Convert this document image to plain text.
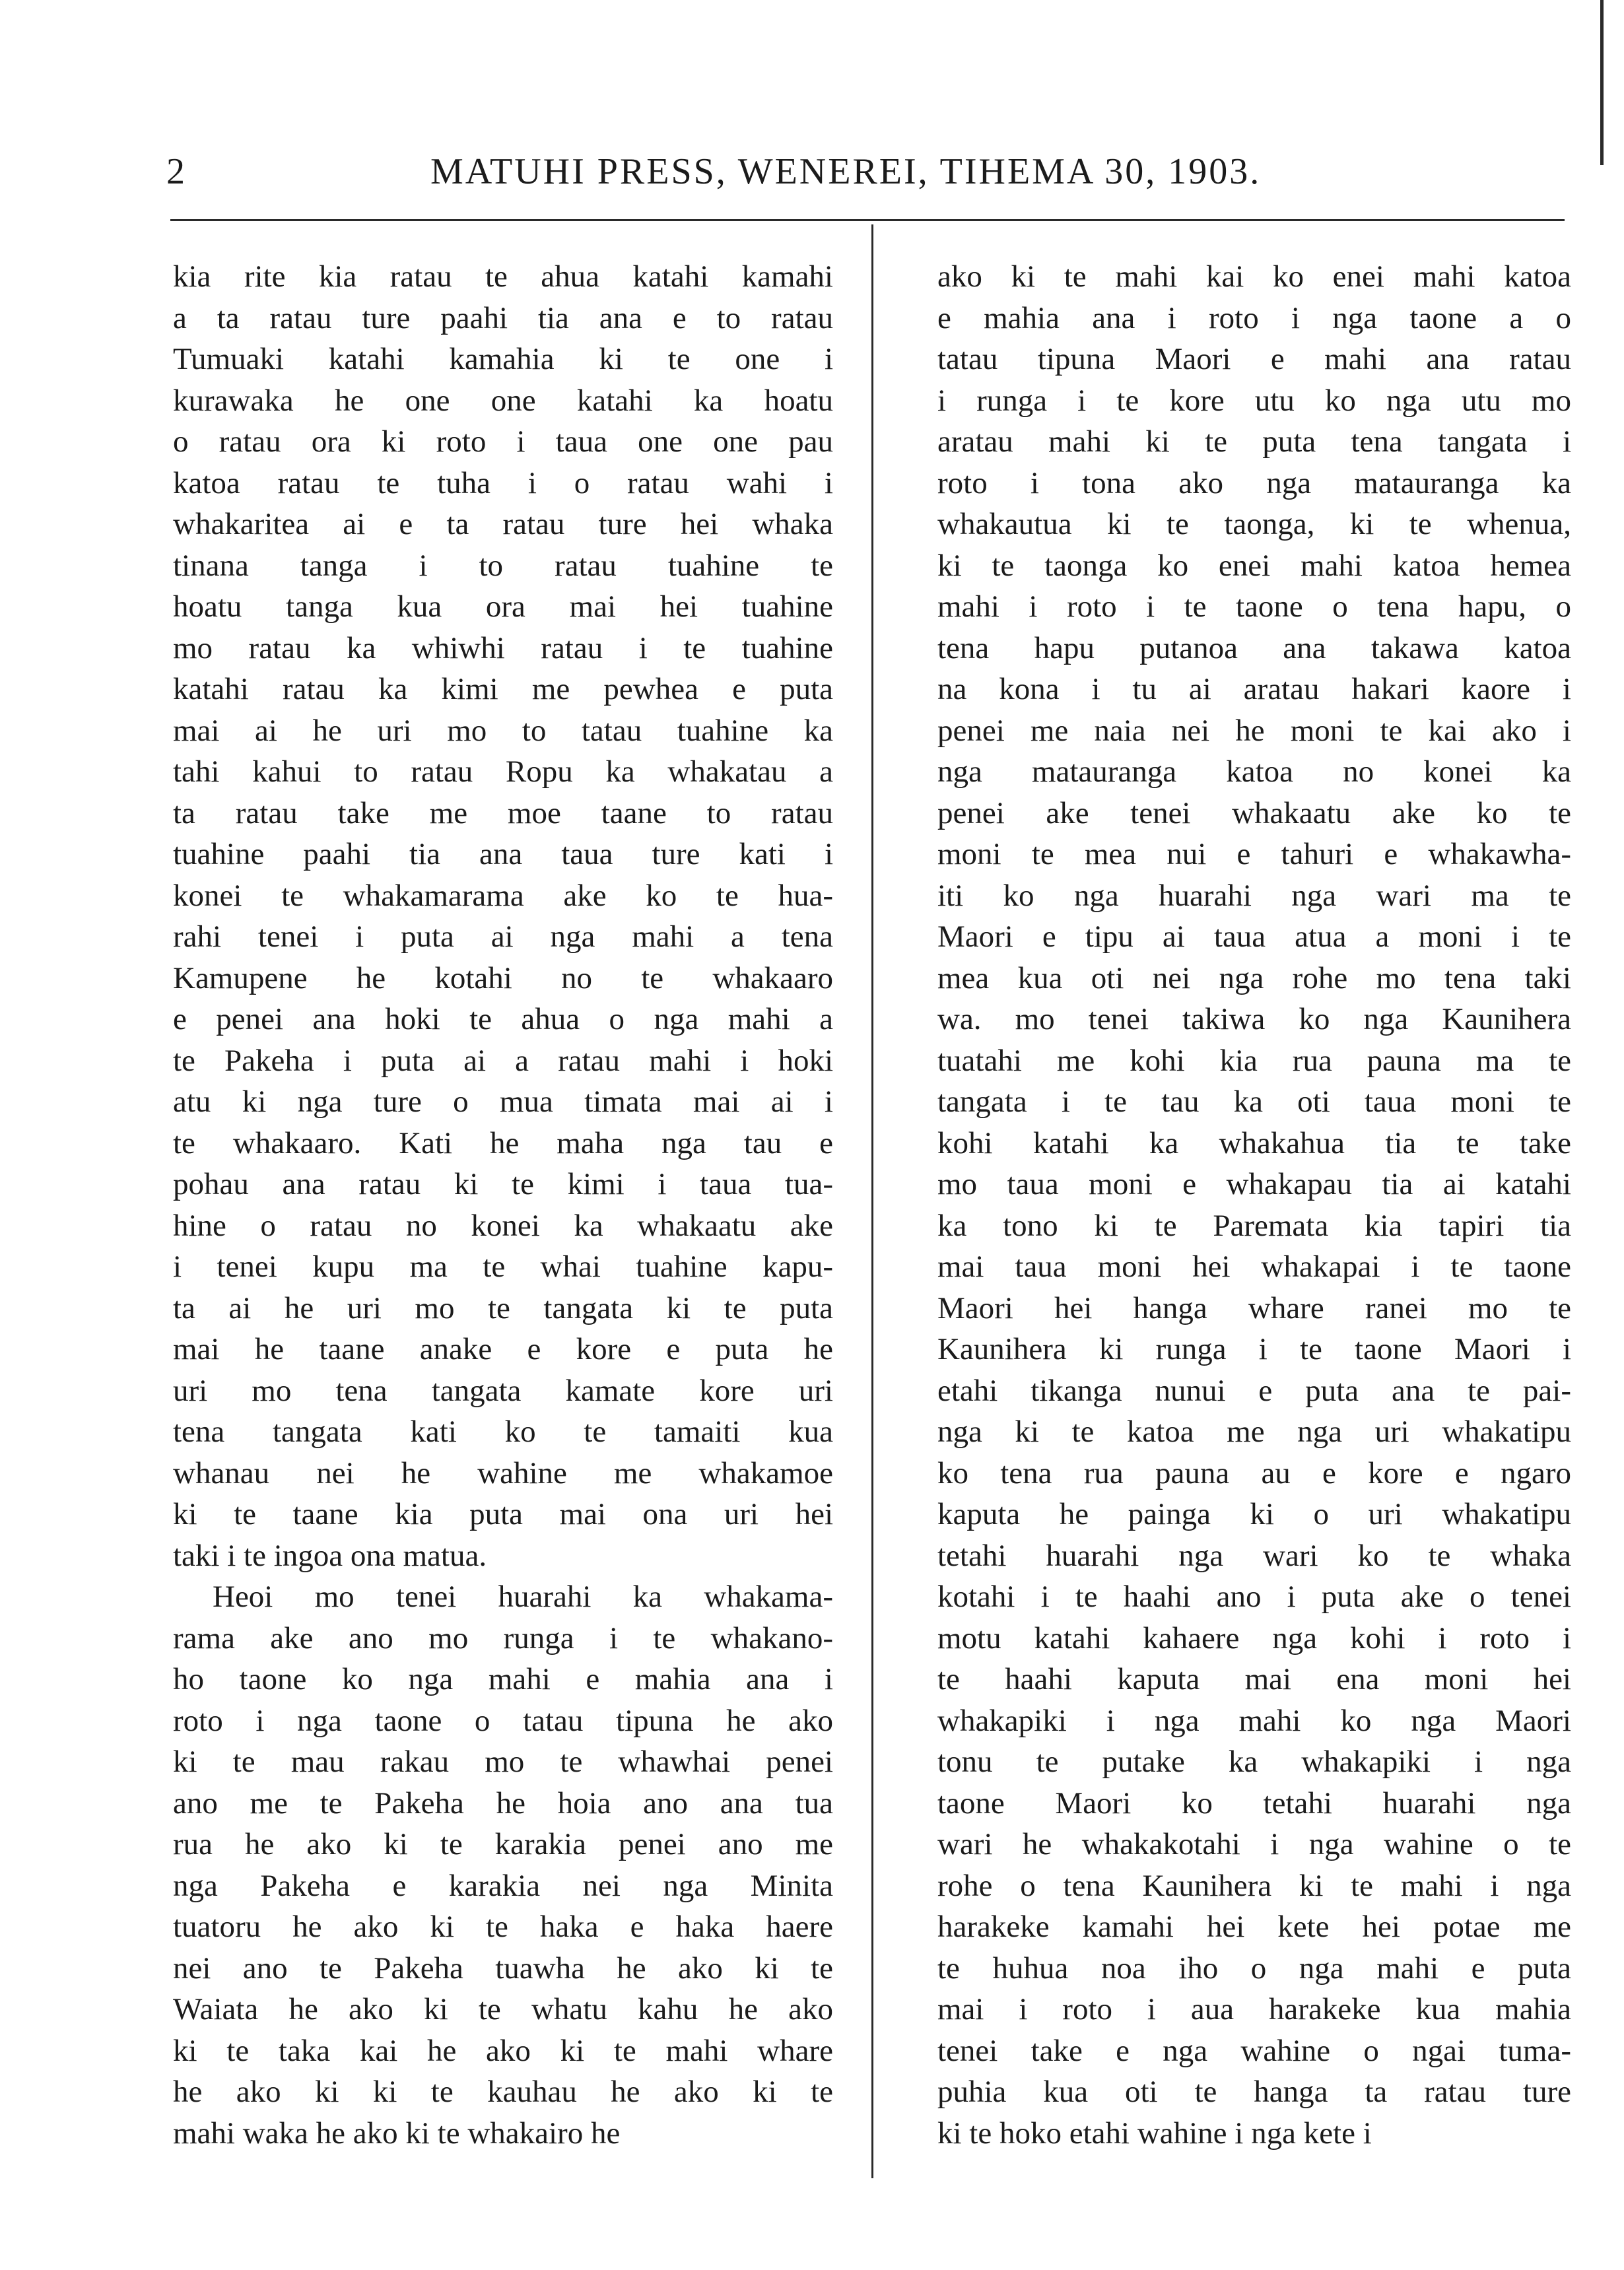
2	MATUHI PRESS, WENEREI, TIHEMA 30, 1903.
kia rite kia ratau te ahua katahi kamahi
a ta ratau ture paahi tia ana e to ratau
Tumuaki katahi kamahia ki te one i
kurawaka he one one katahi ka hoatu
o ratau ora ki roto i taua one one pau
katoa ratau te tuha i o ratau wahi i
whakaritea ai e ta ratau ture hei whaka
tinana tanga i to ratau tuahine te
hoatu tanga kua ora mai hei tuahine
mo ratau ka whiwhi ratau i te tuahine
katahi ratau ka kimi me pewhea e puta
mai ai he uri mo to tatau tuahine ka
tahi kahui to ratau Ropu ka whakatau a
ta ratau take me moe taane to ratau
tuahine paahi tia ana taua ture kati i
konei te whakamarama ake ko te hua-
rahi tenei i puta ai nga mahi a tena
Kamupene he kotahi no te whakaaro
e penei ana hoki te ahua o nga mahi a
te Pakeha i puta ai a ratau mahi i hoki
atu ki nga ture o mua timata mai ai i
te whakaaro. Kati he maha nga tau e
pohau ana ratau ki te kimi i taua tua-
hine o ratau no konei ka whakaatu ake
i tenei kupu ma te whai tuahine kapu-
ta ai he uri mo te tangata ki te puta
mai he taane anake e kore e puta he
uri mo tena tangata kamate kore uri
tena tangata kati ko te tamaiti kua
whanau nei he wahine me whakamoe
ki te taane kia puta mai ona uri hei
taki i te ingoa ona matua.
Heoi mo tenei huarahi ka whakama-
rama ake ano mo runga i te whakano-
ho taone ko nga mahi e mahia ana i
roto i nga taone o tatau tipuna he ako
ki te mau rakau mo te whawhai penei
ano me te Pakeha he hoia ano ana tua
rua he ako ki te karakia penei ano me
nga Pakeha e karakia nei nga Minita
tuatoru he ako ki te haka e haka haere
nei ano te Pakeha tuawha he ako ki te
Waiata he ako ki te whatu kahu he ako
ki te taka kai he ako ki te mahi whare
he ako ki ki te kauhau he ako ki te
mahi waka he ako ki te whakairo he
ako ki te mahi kai ko enei mahi katoa
e mahia ana i roto i nga taone a o
tatau tipuna Maori e mahi ana ratau
i runga i te kore utu ko nga utu mo
aratau mahi ki te puta tena tangata i
roto i tona ako nga matauranga ka
whakautua ki te taonga, ki te whenua,
ki te taonga ko enei mahi katoa hemea
mahi i roto i te taone o tena hapu, o
tena hapu putanoa ana takawa katoa
na kona i tu ai aratau hakari kaore i
penei me naia nei he moni te kai ako i
nga matauranga katoa no konei ka
penei ake tenei whakaatu ake ko te
moni te mea nui e tahuri e whakawha-
iti ko nga huarahi nga wari ma te
Maori e tipu ai taua atua a moni i te
mea kua oti nei nga rohe mo tena taki
wa. mo tenei takiwa ko nga Kaunihera
tuatahi me kohi kia rua pauna ma te
tangata i te tau ka oti taua moni te
kohi katahi ka whakahua tia te take
mo taua moni e whakapau tia ai katahi
ka tono ki te Paremata kia tapiri tia
mai taua moni hei whakapai i te taone
Maori hei hanga whare ranei mo te
Kaunihera ki runga i te taone Maori i
etahi tikanga nunui e puta ana te pai-
nga ki te katoa me nga uri whakatipu
ko tena rua pauna au e kore e ngaro
kaputa he painga ki o uri whakatipu
tetahi huarahi nga wari ko te whaka
kotahi i te haahi ano i puta ake o tenei
motu katahi kahaere nga kohi i roto i
te haahi kaputa mai ena moni hei
whakapiki i nga mahi ko nga Maori
tonu te putake ka whakapiki i nga
taone Maori ko tetahi huarahi nga
wari he whakakotahi i nga wahine o te
rohe o tena Kaunihera ki te mahi i nga
harakeke kamahi hei kete hei potae me
te huhua noa iho o nga mahi e puta
mai i roto i aua harakeke kua mahia
tenei take e nga wahine o ngai tuma-
puhia kua oti te hanga ta ratau ture
ki te hoko etahi wahine i nga kete i
